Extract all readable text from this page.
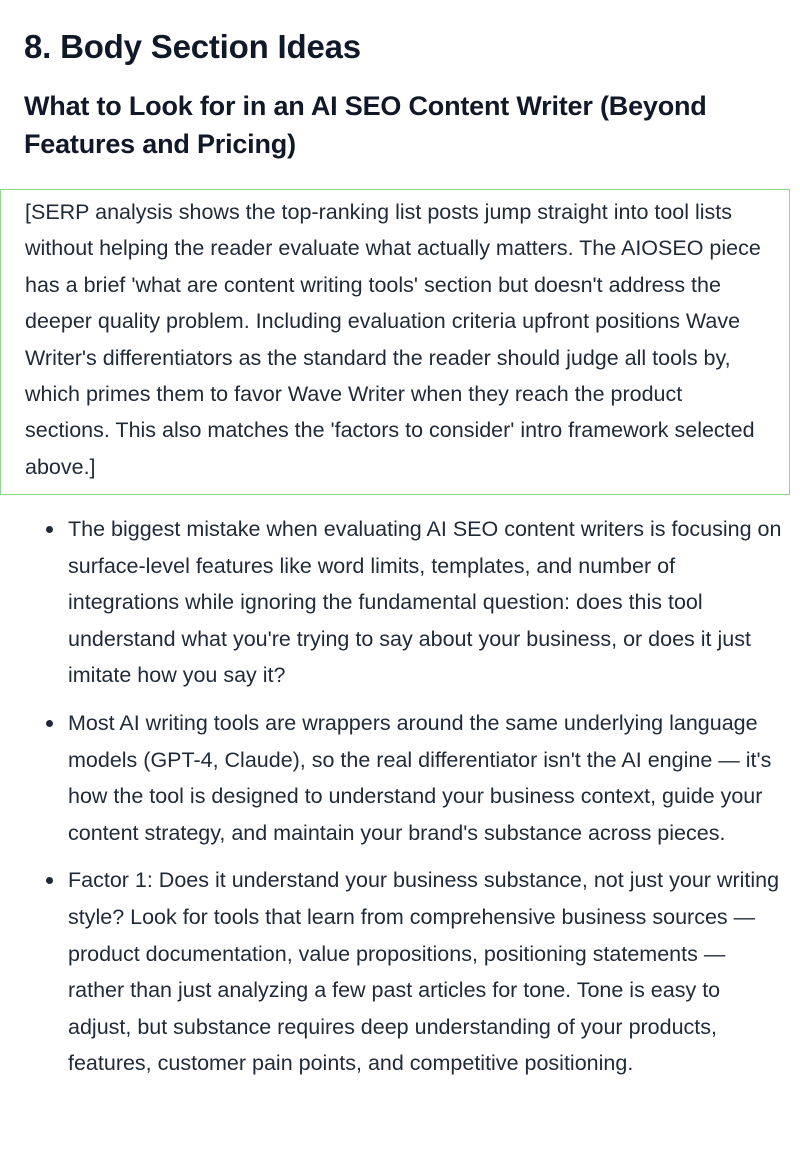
8. Body Section Ideas
What to Look for in an AI SEO Content Writer (Beyond Features and Pricing)

[SERP analysis shows the top-ranking list posts jump straight into tool lists without helping the reader evaluate what actually matters. The AIOSEO piece has a brief 'what are content writing tools' section but doesn't address the deeper quality problem. Including evaluation criteria upfront positions Wave Writer's differentiators as the standard the reader should judge all tools by, which primes them to favor Wave Writer when they reach the product sections. This also matches the 'factors to consider' intro framework selected above.]

The biggest mistake when evaluating AI SEO content writers is focusing on surface-level features like word limits, templates, and number of integrations while ignoring the fundamental question: does this tool understand what you're trying to say about your business, or does it just imitate how you say it?
Most AI writing tools are wrappers around the same underlying language models (GPT-4, Claude), so the real differentiator isn't the AI engine — it's how the tool is designed to understand your business context, guide your content strategy, and maintain your brand's substance across pieces.
Factor 1: Does it understand your business substance, not just your writing style? Look for tools that learn from comprehensive business sources — product documentation, value propositions, positioning statements — rather than just analyzing a few past articles for tone. Tone is easy to adjust, but substance requires deep understanding of your products, features, customer pain points, and competitive positioning.
